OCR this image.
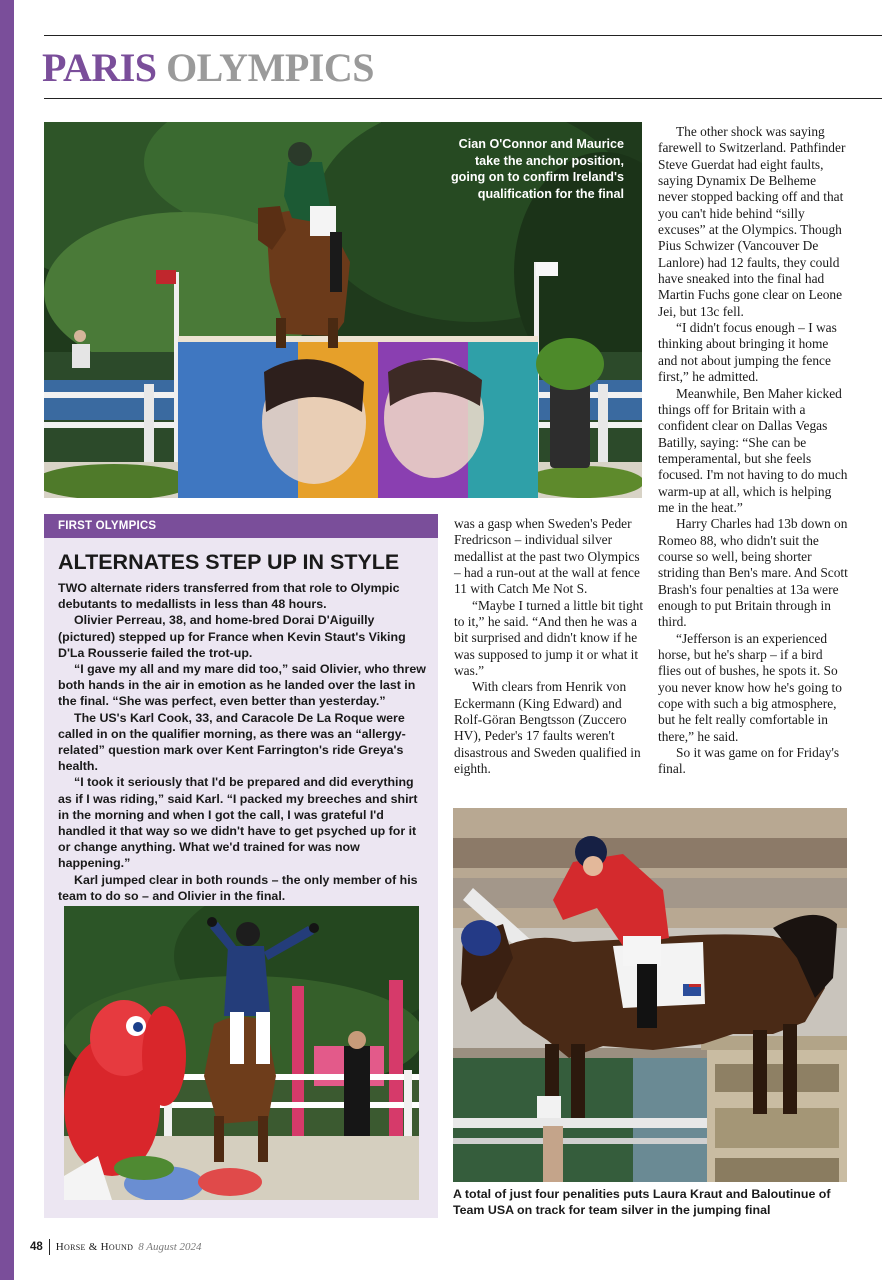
PARIS OLYMPICS
Cian O'Connor and Maurice take the anchor position, going on to confirm Ireland's qualification for the final

The other shock was saying farewell to Switzerland. Pathfinder Steve Guerdat had eight faults, saying Dynamix De Belheme never stopped backing off and that you can't hide behind “silly excuses” at the Olympics. Though Pius Schwizer (Vancouver De Lanlore) had 12 faults, they could have sneaked into the final had Martin Fuchs gone clear on Leone Jei, but 13c fell.

“I didn't focus enough – I was thinking about bringing it home and not about jumping the fence first,” he admitted.

Meanwhile, Ben Maher kicked things off for Britain with a confident clear on Dallas Vegas Batilly, saying: “She can be temperamental, but she feels focused. I'm not having to do much warm-up at all, which is helping me in the heat.”

Harry Charles had 13b down on Romeo 88, who didn't suit the course so well, being shorter striding than Ben's mare. And Scott Brash's four penalties at 13a were enough to put Britain through in third.

“Jefferson is an experienced horse, but he's sharp – if a bird flies out of bushes, he spots it. So you never know how he's going to cope with such a big atmosphere, but he felt really comfortable in there,” he said.

So it was game on for Friday's final.

was a gasp when Sweden's Peder Fredricson – individual silver medallist at the past two Olympics – had a run-out at the wall at fence 11 with Catch Me Not S.

“Maybe I turned a little bit tight to it,” he said. “And then he was a bit surprised and didn't know if he was supposed to jump it or what it was.”

With clears from Henrik von Eckermann (King Edward) and Rolf-Göran Bengtsson (Zuccero HV), Peder's 17 faults weren't disastrous and Sweden qualified in eighth.

FIRST OLYMPICS
ALTERNATES STEP UP IN STYLE

TWO alternate riders transferred from that role to Olympic debutants to medallists in less than 48 hours.

Olivier Perreau, 38, and home-bred Dorai D'Aiguilly (pictured) stepped up for France when Kevin Staut's Viking D'La Rousserie failed the trot-up.

“I gave my all and my mare did too,” said Olivier, who threw both hands in the air in emotion as he landed over the last in the final. “She was perfect, even better than yesterday.”

The US's Karl Cook, 33, and Caracole De La Roque were called in on the qualifier morning, as there was an “allergy-related” question mark over Kent Farrington's ride Greya's health.

“I took it seriously that I'd be prepared and did everything as if I was riding,” said Karl. “I packed my breeches and shirt in the morning and when I got the call, I was grateful I'd handled it that way so we didn't have to get psyched up for it or change anything. What we'd trained for was now happening.”

Karl jumped clear in both rounds – the only member of his team to do so – and Olivier in the final.

A total of just four penalities puts Laura Kraut and Baloutinue of Team USA on track for team silver in the jumping final
48 Horse & Hound 8 August 2024
